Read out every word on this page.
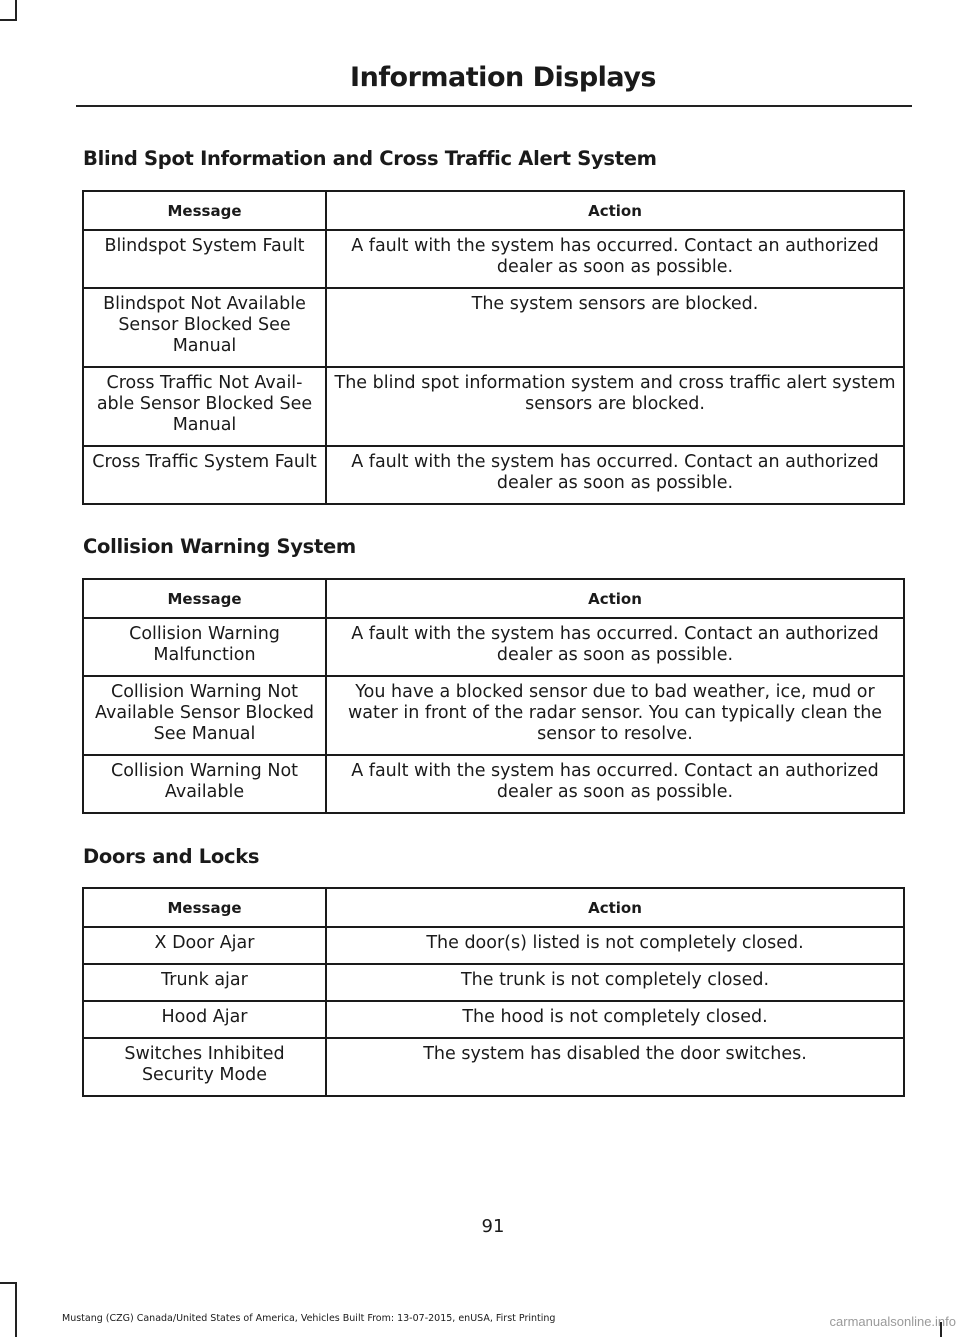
Information Displays
Blind Spot Information and Cross Traffic Alert System
Message	Action
Blindspot System Fault	A fault with the system has occurred. Contact an authorized dealer as soon as possible.
Blindspot Not Available Sensor Blocked See Manual	The system sensors are blocked.
Cross Traffic Not Avail-able Sensor Blocked See Manual	The blind spot information system and cross traffic alert system sensors are blocked.
Cross Traffic System Fault	A fault with the system has occurred. Contact an authorized dealer as soon as possible.
Collision Warning System
Message	Action
Collision Warning Malfunction	A fault with the system has occurred. Contact an authorized dealer as soon as possible.
Collision Warning Not Available Sensor Blocked See Manual	You have a blocked sensor due to bad weather, ice, mud or water in front of the radar sensor. You can typically clean the sensor to resolve.
Collision Warning Not Available	A fault with the system has occurred. Contact an authorized dealer as soon as possible.
Doors and Locks
Message	Action
X Door Ajar	The door(s) listed is not completely closed.
Trunk ajar	The trunk is not completely closed.
Hood Ajar	The hood is not completely closed.
Switches Inhibited Security Mode	The system has disabled the door switches.
91
Mustang (CZG) Canada/United States of America, Vehicles Built From: 13-07-2015, enUSA, First Printing	carmanualsonline.info
